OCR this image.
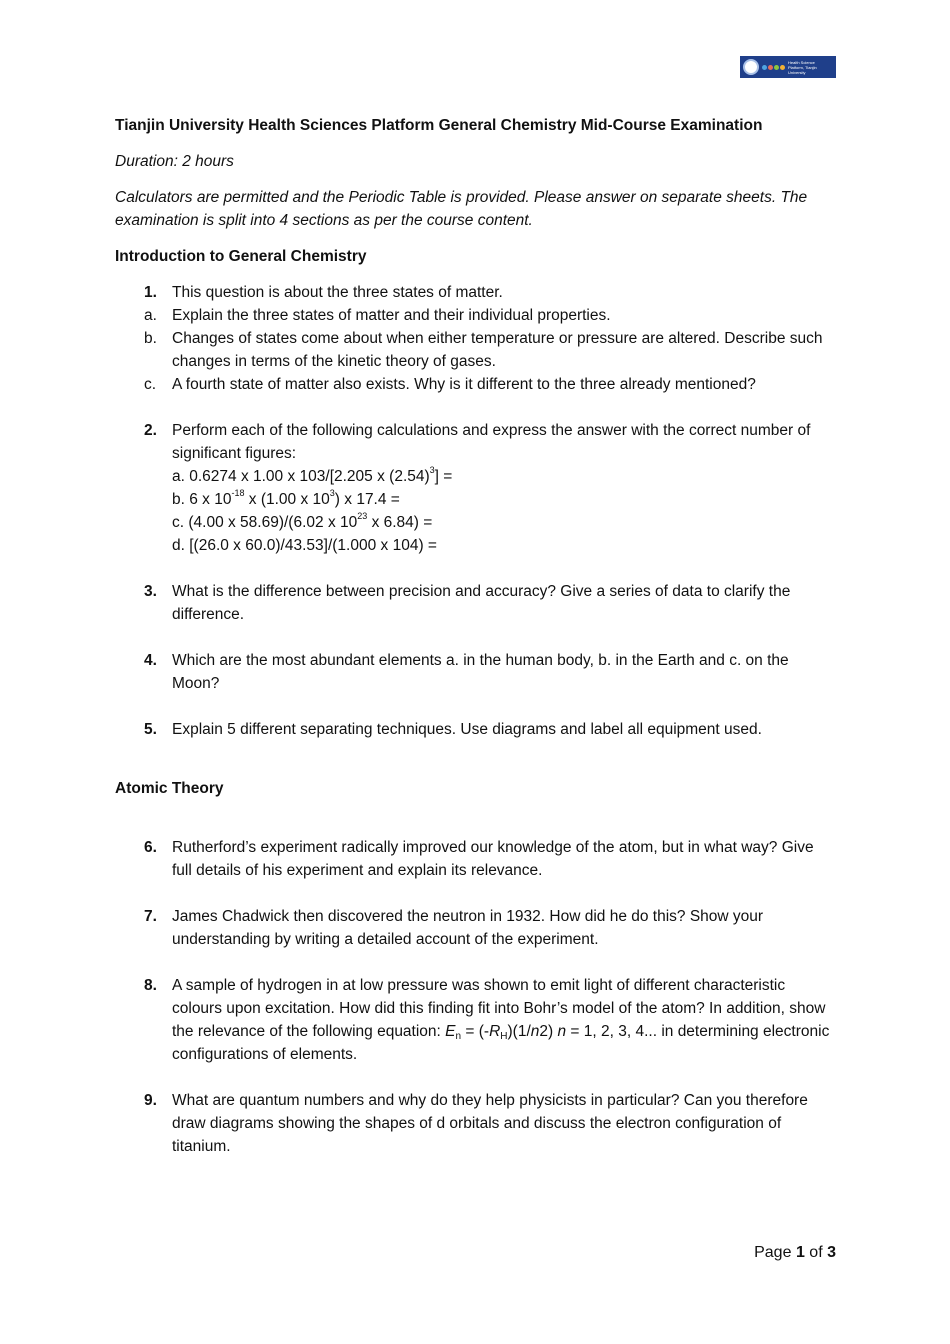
Health Science Platform, Tianjin University

Tianjin University Health Sciences Platform General Chemistry Mid-Course Examination

Duration: 2 hours

Calculators are permitted and the Periodic Table is provided. Please answer on separate sheets. The examination is split into 4 sections as per the course content.

Introduction to General Chemistry

1. This question is about the three states of matter.
a. Explain the three states of matter and their individual properties.
b. Changes of states come about when either temperature or pressure are altered. Describe such changes in terms of the kinetic theory of gases.
c.	A fourth state of matter also exists. Why is it different to the three already mentioned?
2. Perform each of the following calculations and express the answer with the correct number of significant figures:
a. 0.6274 x 1.00 x 103/[2.205 x $(2.54)^3$] =
b. 6 x $10^{-18}$ x (1.00 x $10^3$) x 17.4 =
c. (4.00 x 58.69)/(6.02 x $10^{23}$ x 6.84) =
d. [(26.0 x 60.0)/43.53]/(1.000 x 104) =
3. What is the difference between precision and accuracy? Give a series of data to clarify the difference.
4. Which are the most abundant elements a. in the human body, b. in the Earth and c. on the Moon?
5. Explain 5 different separating techniques. Use diagrams and label all equipment used.

Atomic Theory

6. Rutherford’s experiment radically improved our knowledge of the atom, but in what way? Give full details of his experiment and explain its relevance.
7. James Chadwick then discovered the neutron in 1932. How did he do this? Show your understanding by writing a detailed account of the experiment.
8. A sample of hydrogen in at low pressure was shown to emit light of different characteristic colours upon excitation. How did this finding fit into Bohr’s model of the atom? In addition, show the relevance of the following equation: $E_n = (-R_H)(1/n2) n = 1$, 2, 3, 4... in determining electronic configurations of elements.
9. What are quantum numbers and why do they help physicists in particular? Can you therefore draw diagrams showing the shapes of d orbitals and discuss the electron configuration of titanium.
Page 1 of 3
